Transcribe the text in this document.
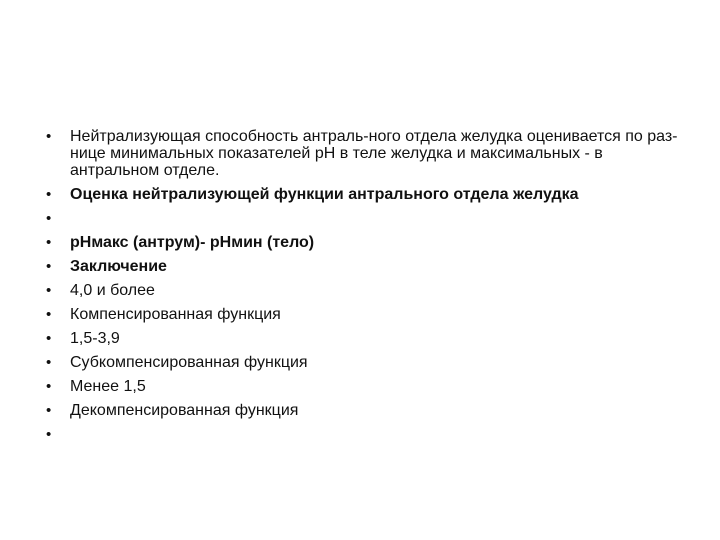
• Нейтрализующая способность антраль-ного отдела желудка оценивается по раз-нице минимальных показателей pH в теле желудка и максимальных - в антральном отделе.
• Оценка нейтрализующей функции антрального отдела желудка
•
• pHмакс (антрум)- pHмин (тело)
• Заключение
• 4,0 и более
• Компенсированная функция
• 1,5-3,9
• Субкомпенсированная функция
• Менее 1,5
• Декомпенсированная функция
•
